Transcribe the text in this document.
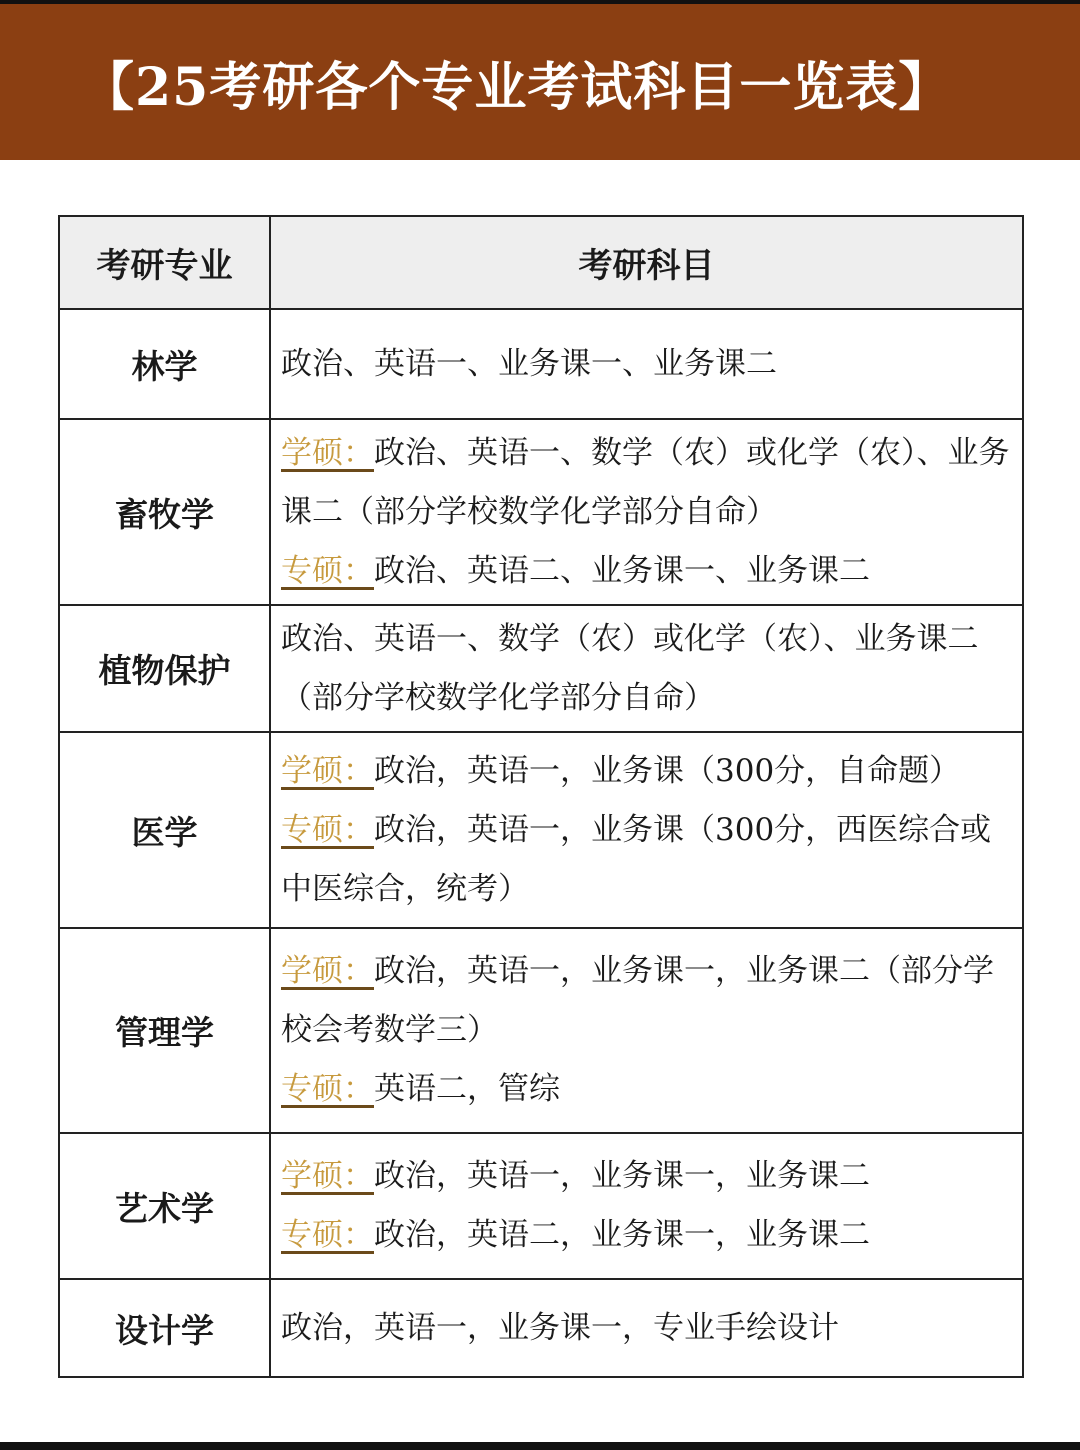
【25考研各个专业考试科目一览表】
考研专业	考研科目
林学	政治、英语一、业务课一、业务课二

畜牧学	学硕：政治、英语一、数学（农）或化学（农）、业务课二（部分学校数学化学部分自命）
专硕：政治、英语二、业务课一、业务课二

植物保护	政治、英语一、数学（农）或化学（农）、业务课二（部分学校数学化学部分自命）

医学	学硕：政治，英语一，业务课（300分，自命题）
专硕：政治，英语一，业务课（300分，西医综合或中医综合，统考）

管理学	学硕：政治，英语一，业务课一，业务课二（部分学校会考数学三）
专硕：英语二，管综

艺术学	学硕：政治，英语一，业务课一，业务课二
专硕：政治，英语二，业务课一，业务课二

设计学	政治，英语一，业务课一，专业手绘设计
